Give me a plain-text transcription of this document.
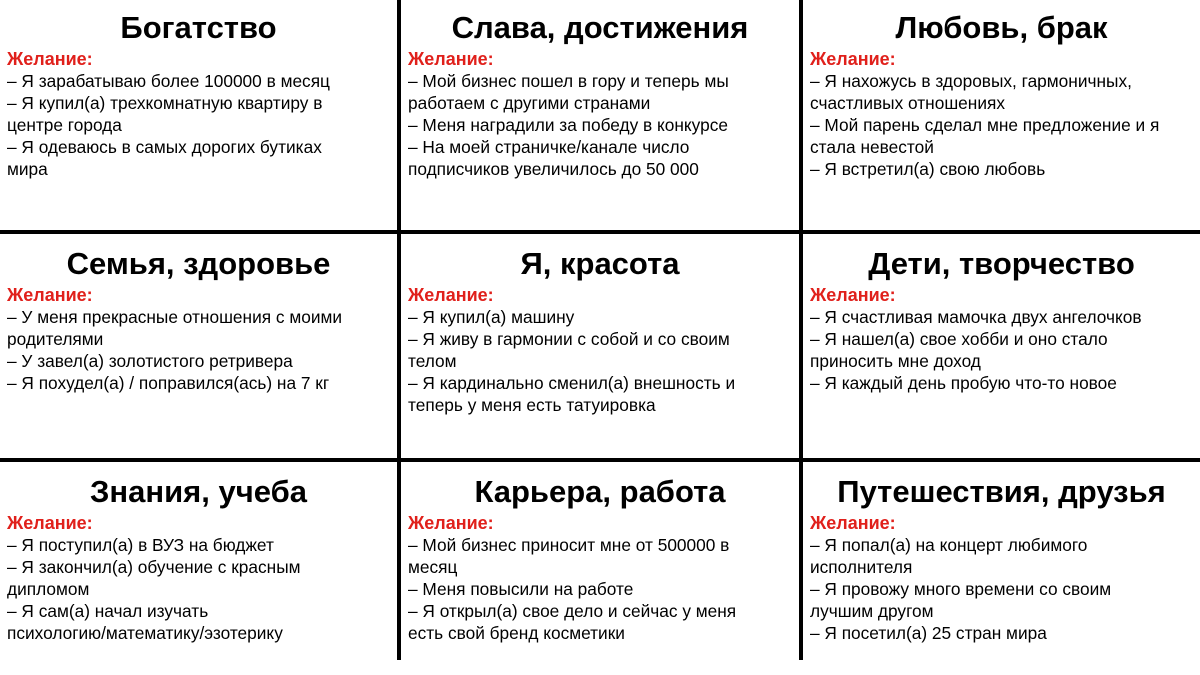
Богатство
Желание:
– Я зарабатываю более 100000 в месяц
– Я купил(а) трехкомнатную квартиру в
центре города
– Я одеваюсь в самых дорогих бутиках
мира
Слава, достижения
Желание:
– Мой бизнес пошел в гору и теперь мы
работаем с другими странами
– Меня наградили за победу в конкурсе
– На моей страничке/канале число
подписчиков увеличилось до 50 000
Любовь, брак
Желание:
– Я нахожусь в здоровых, гармоничных,
счастливых отношениях
– Мой парень сделал мне предложение и я
стала невестой
– Я встретил(а) свою любовь
Семья, здоровье
Желание:
– У меня прекрасные отношения с моими
родителями
– У завел(а) золотистого ретривера
– Я похудел(а) / поправился(ась) на 7 кг
Я, красота
Желание:
– Я купил(а) машину
– Я живу в гармонии с собой и со своим
телом
– Я кардинально сменил(а) внешность и
теперь у меня есть татуировка
Дети, творчество
Желание:
– Я счастливая мамочка двух ангелочков
– Я нашел(а) свое хобби и оно стало
приносить мне доход
– Я каждый день пробую что-то новое
Знания, учеба
Желание:
– Я поступил(а) в ВУЗ на бюджет
– Я закончил(а) обучение с красным
дипломом
– Я сам(а) начал изучать
психологию/математику/эзотерику
Карьера, работа
Желание:
– Мой бизнес приносит мне от 500000 в
месяц
– Меня повысили на работе
– Я открыл(а) свое дело и сейчас у меня
есть свой бренд косметики
Путешествия, друзья
Желание:
– Я попал(а) на концерт любимого
исполнителя
– Я провожу много времени со своим
лучшим другом
– Я посетил(а) 25 стран мира
